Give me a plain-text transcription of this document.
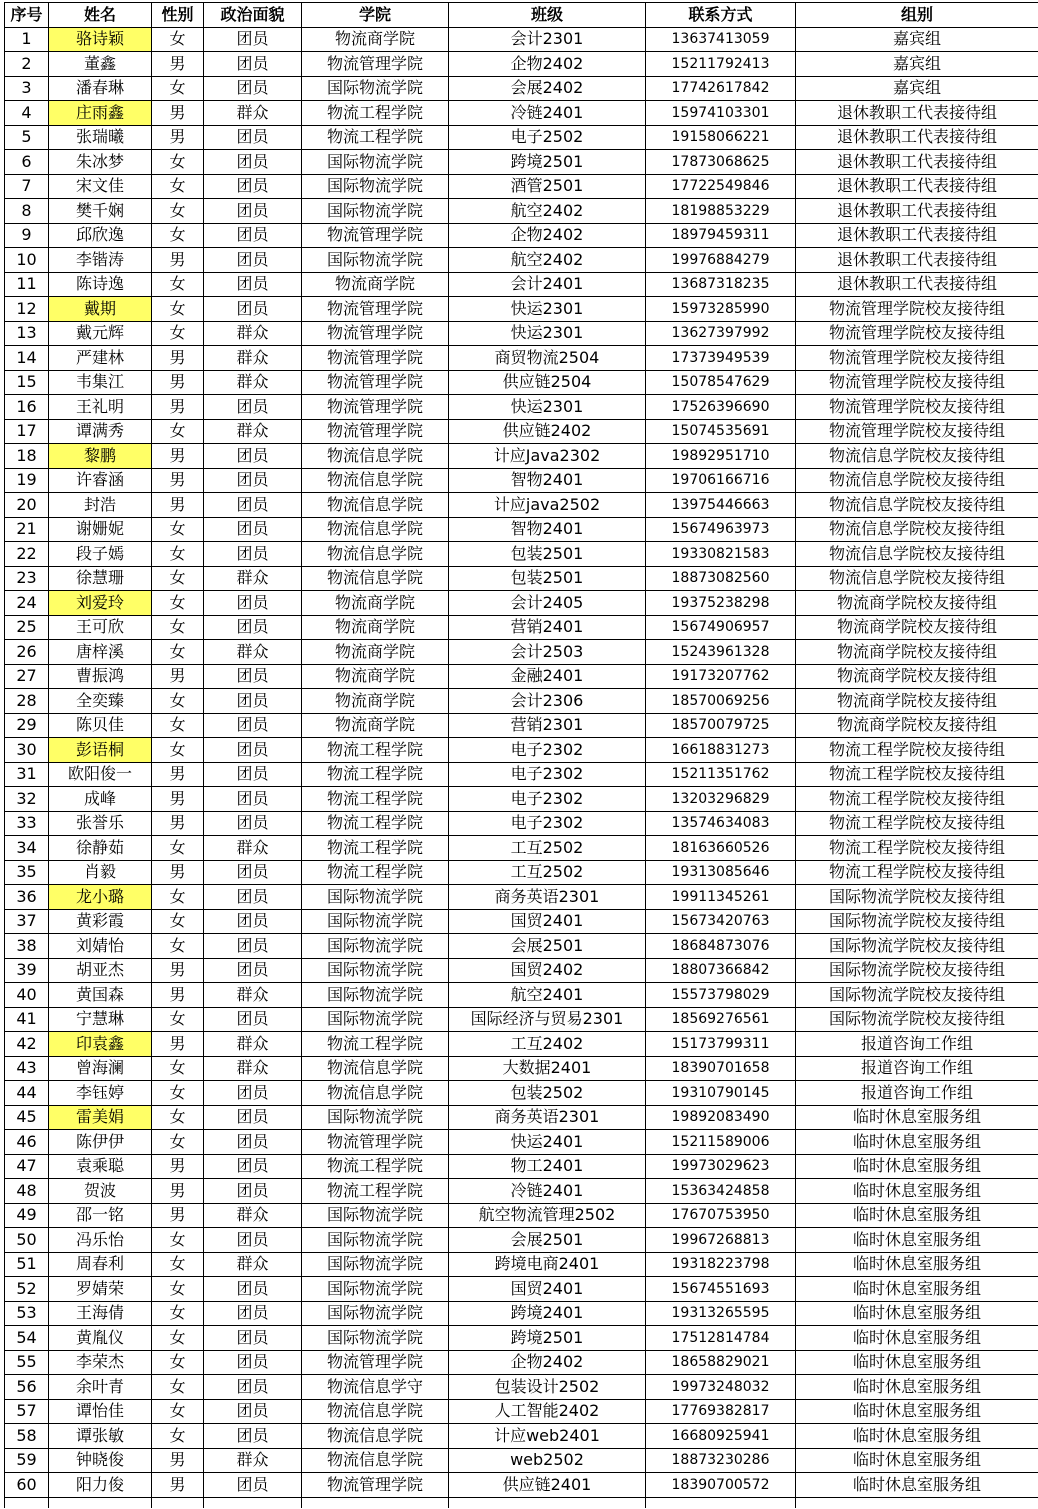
序号	姓名	性别	政治面貌	学院	班级	联系方式	组别
1	骆诗颖	女	团员	物流商学院	会计2301	13637413059	嘉宾组
2	董鑫	男	团员	物流管理学院	企物2402	15211792413	嘉宾组
3	潘春琳	女	团员	国际物流学院	会展2402	17742617842	嘉宾组
4	庄雨鑫	男	群众	物流工程学院	冷链2401	15974103301	退休教职工代表接待组
5	张瑞曦	男	团员	物流工程学院	电子2502	19158066221	退休教职工代表接待组
6	朱冰梦	女	团员	国际物流学院	跨境2501	17873068625	退休教职工代表接待组
7	宋文佳	女	团员	国际物流学院	酒管2501	17722549846	退休教职工代表接待组
8	樊千娴	女	团员	国际物流学院	航空2402	18198853229	退休教职工代表接待组
9	邱欣逸	女	团员	物流管理学院	企物2402	18979459311	退休教职工代表接待组
10	李锴涛	男	团员	国际物流学院	航空2402	19976884279	退休教职工代表接待组
11	陈诗逸	女	团员	物流商学院	会计2401	13687318235	退休教职工代表接待组
12	戴期	女	团员	物流管理学院	快运2301	15973285990	物流管理学院校友接待组
13	戴元辉	女	群众	物流管理学院	快运2301	13627397992	物流管理学院校友接待组
14	严建林	男	群众	物流管理学院	商贸物流2504	17373949539	物流管理学院校友接待组
15	韦集江	男	群众	物流管理学院	供应链2504	15078547629	物流管理学院校友接待组
16	王礼明	男	团员	物流管理学院	快运2301	17526396690	物流管理学院校友接待组
17	谭满秀	女	群众	物流管理学院	供应链2402	15074535691	物流管理学院校友接待组
18	黎鹏	男	团员	物流信息学院	计应Java2302	19892951710	物流信息学院校友接待组
19	许睿涵	男	团员	物流信息学院	智物2401	19706166716	物流信息学院校友接待组
20	封浩	男	团员	物流信息学院	计应java2502	13975446663	物流信息学院校友接待组
21	谢姗妮	女	团员	物流信息学院	智物2401	15674963973	物流信息学院校友接待组
22	段子嫣	女	团员	物流信息学院	包装2501	19330821583	物流信息学院校友接待组
23	徐慧珊	女	群众	物流信息学院	包装2501	18873082560	物流信息学院校友接待组
24	刘爱玲	女	团员	物流商学院	会计2405	19375238298	物流商学院校友接待组
25	王可欣	女	团员	物流商学院	营销2401	15674906957	物流商学院校友接待组
26	唐梓溪	女	群众	物流商学院	会计2503	15243961328	物流商学院校友接待组
27	曹振鸿	男	团员	物流商学院	金融2401	19173207762	物流商学院校友接待组
28	全奕臻	女	团员	物流商学院	会计2306	18570069256	物流商学院校友接待组
29	陈贝佳	女	团员	物流商学院	营销2301	18570079725	物流商学院校友接待组
30	彭语桐	女	团员	物流工程学院	电子2302	16618831273	物流工程学院校友接待组
31	欧阳俊一	男	团员	物流工程学院	电子2302	15211351762	物流工程学院校友接待组
32	成峰	男	团员	物流工程学院	电子2302	13203296829	物流工程学院校友接待组
33	张誉乐	男	团员	物流工程学院	电子2302	13574634083	物流工程学院校友接待组
34	徐静茹	女	群众	物流工程学院	工互2502	18163660526	物流工程学院校友接待组
35	肖毅	男	团员	物流工程学院	工互2502	19313085646	物流工程学院校友接待组
36	龙小璐	女	团员	国际物流学院	商务英语2301	19911345261	国际物流学院校友接待组
37	黄彩霞	女	团员	国际物流学院	国贸2401	15673420763	国际物流学院校友接待组
38	刘婧怡	女	团员	国际物流学院	会展2501	18684873076	国际物流学院校友接待组
39	胡亚杰	男	团员	国际物流学院	国贸2402	18807366842	国际物流学院校友接待组
40	黄国森	男	群众	国际物流学院	航空2401	15573798029	国际物流学院校友接待组
41	宁慧琳	女	团员	国际物流学院	国际经济与贸易2301	18569276561	国际物流学院校友接待组
42	印袁鑫	男	群众	物流工程学院	工互2402	15173799311	报道咨询工作组
43	曾海澜	女	群众	物流信息学院	大数据2401	18390701658	报道咨询工作组
44	李钰婷	女	团员	物流信息学院	包装2502	19310790145	报道咨询工作组
45	雷美娟	女	团员	国际物流学院	商务英语2301	19892083490	临时休息室服务组
46	陈伊伊	女	团员	物流管理学院	快运2401	15211589006	临时休息室服务组
47	袁乘聪	男	团员	物流工程学院	物工2401	19973029623	临时休息室服务组
48	贺波	男	团员	物流工程学院	冷链2401	15363424858	临时休息室服务组
49	邵一铭	男	群众	国际物流学院	航空物流管理2502	17670753950	临时休息室服务组
50	冯乐怡	女	团员	国际物流学院	会展2501	19967268813	临时休息室服务组
51	周春利	女	群众	国际物流学院	跨境电商2401	19318223798	临时休息室服务组
52	罗婧荣	女	团员	国际物流学院	国贸2401	15674551693	临时休息室服务组
53	王海倩	女	团员	国际物流学院	跨境2401	19313265595	临时休息室服务组
54	黄胤仪	女	团员	国际物流学院	跨境2501	17512814784	临时休息室服务组
55	李荣杰	女	团员	物流管理学院	企物2402	18658829021	临时休息室服务组
56	余叶青	女	团员	物流信息学守	包装设计2502	19973248032	临时休息室服务组
57	谭怡佳	女	团员	物流信息学院	人工智能2402	17769382817	临时休息室服务组
58	谭张敏	女	团员	物流信息学院	计应web2401	16680925941	临时休息室服务组
59	钟晓俊	男	群众	物流信息学院	web2502	18873230286	临时休息室服务组
60	阳力俊	男	团员	物流管理学院	供应链2401	18390700572	临时休息室服务组
